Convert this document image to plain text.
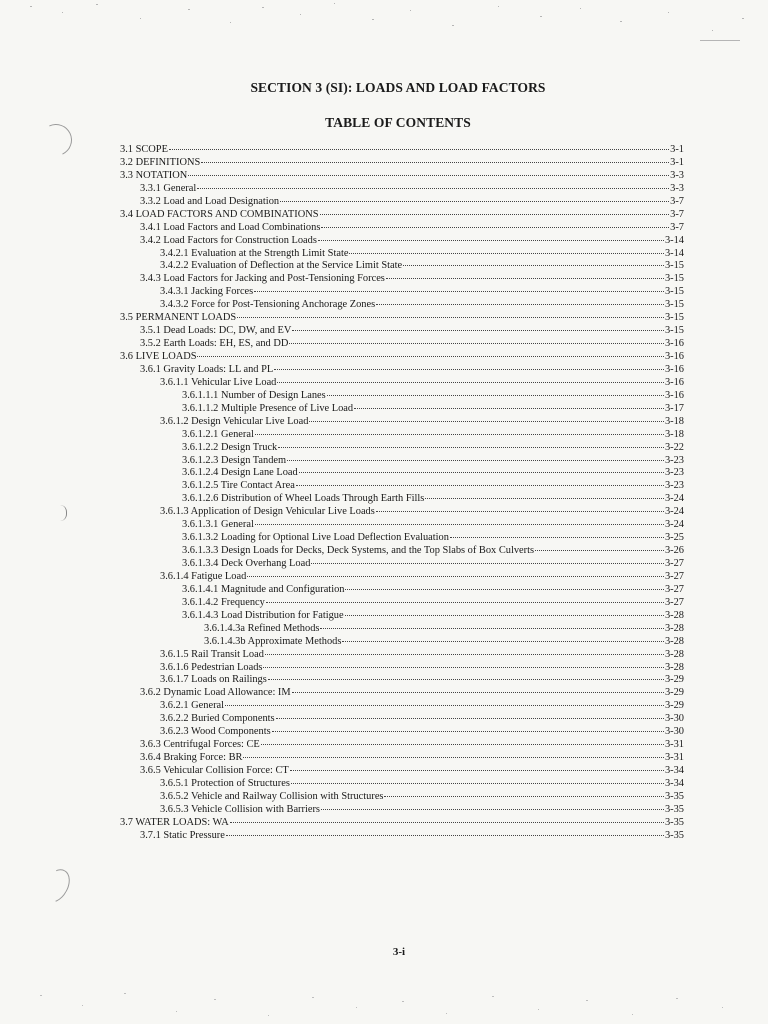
SECTION 3 (SI): LOADS AND LOAD FACTORS
TABLE OF CONTENTS
3.1 SCOPE	3-1
3.2 DEFINITIONS	3-1
3.3 NOTATION	3-3
3.3.1 General	3-3
3.3.2 Load and Load Designation	3-7
3.4 LOAD FACTORS AND COMBINATIONS	3-7
3.4.1 Load Factors and Load Combinations	3-7
3.4.2 Load Factors for Construction Loads	3-14
3.4.2.1 Evaluation at the Strength Limit State	3-14
3.4.2.2 Evaluation of Deflection at the Service Limit State	3-15
3.4.3 Load Factors for Jacking and Post-Tensioning Forces	3-15
3.4.3.1 Jacking Forces	3-15
3.4.3.2 Force for Post-Tensioning Anchorage Zones	3-15
3.5 PERMANENT LOADS	3-15
3.5.1 Dead Loads: DC, DW, and EV	3-15
3.5.2 Earth Loads: EH, ES, and DD	3-16
3.6 LIVE LOADS	3-16
3.6.1 Gravity Loads: LL and PL	3-16
3.6.1.1 Vehicular Live Load	3-16
3.6.1.1.1 Number of Design Lanes	3-16
3.6.1.1.2 Multiple Presence of Live Load	3-17
3.6.1.2 Design Vehicular Live Load	3-18
3.6.1.2.1 General	3-18
3.6.1.2.2 Design Truck	3-22
3.6.1.2.3 Design Tandem	3-23
3.6.1.2.4 Design Lane Load	3-23
3.6.1.2.5 Tire Contact Area	3-23
3.6.1.2.6 Distribution of Wheel Loads Through Earth Fills	3-24
3.6.1.3 Application of Design Vehicular Live Loads	3-24
3.6.1.3.1 General	3-24
3.6.1.3.2 Loading for Optional Live Load Deflection Evaluation	3-25
3.6.1.3.3 Design Loads for Decks, Deck Systems, and the Top Slabs of Box Culverts	3-26
3.6.1.3.4 Deck Overhang Load	3-27
3.6.1.4 Fatigue Load	3-27
3.6.1.4.1 Magnitude and Configuration	3-27
3.6.1.4.2 Frequency	3-27
3.6.1.4.3 Load Distribution for Fatigue	3-28
3.6.1.4.3a Refined Methods	3-28
3.6.1.4.3b Approximate Methods	3-28
3.6.1.5 Rail Transit Load	3-28
3.6.1.6 Pedestrian Loads	3-28
3.6.1.7 Loads on Railings	3-29
3.6.2 Dynamic Load Allowance: IM	3-29
3.6.2.1 General	3-29
3.6.2.2 Buried Components	3-30
3.6.2.3 Wood Components	3-30
3.6.3 Centrifugal Forces: CE	3-31
3.6.4 Braking Force: BR	3-31
3.6.5 Vehicular Collision Force: CT	3-34
3.6.5.1 Protection of Structures	3-34
3.6.5.2 Vehicle and Railway Collision with Structures	3-35
3.6.5.3 Vehicle Collision with Barriers	3-35
3.7 WATER LOADS: WA	3-35
3.7.1 Static Pressure	3-35
3-i
